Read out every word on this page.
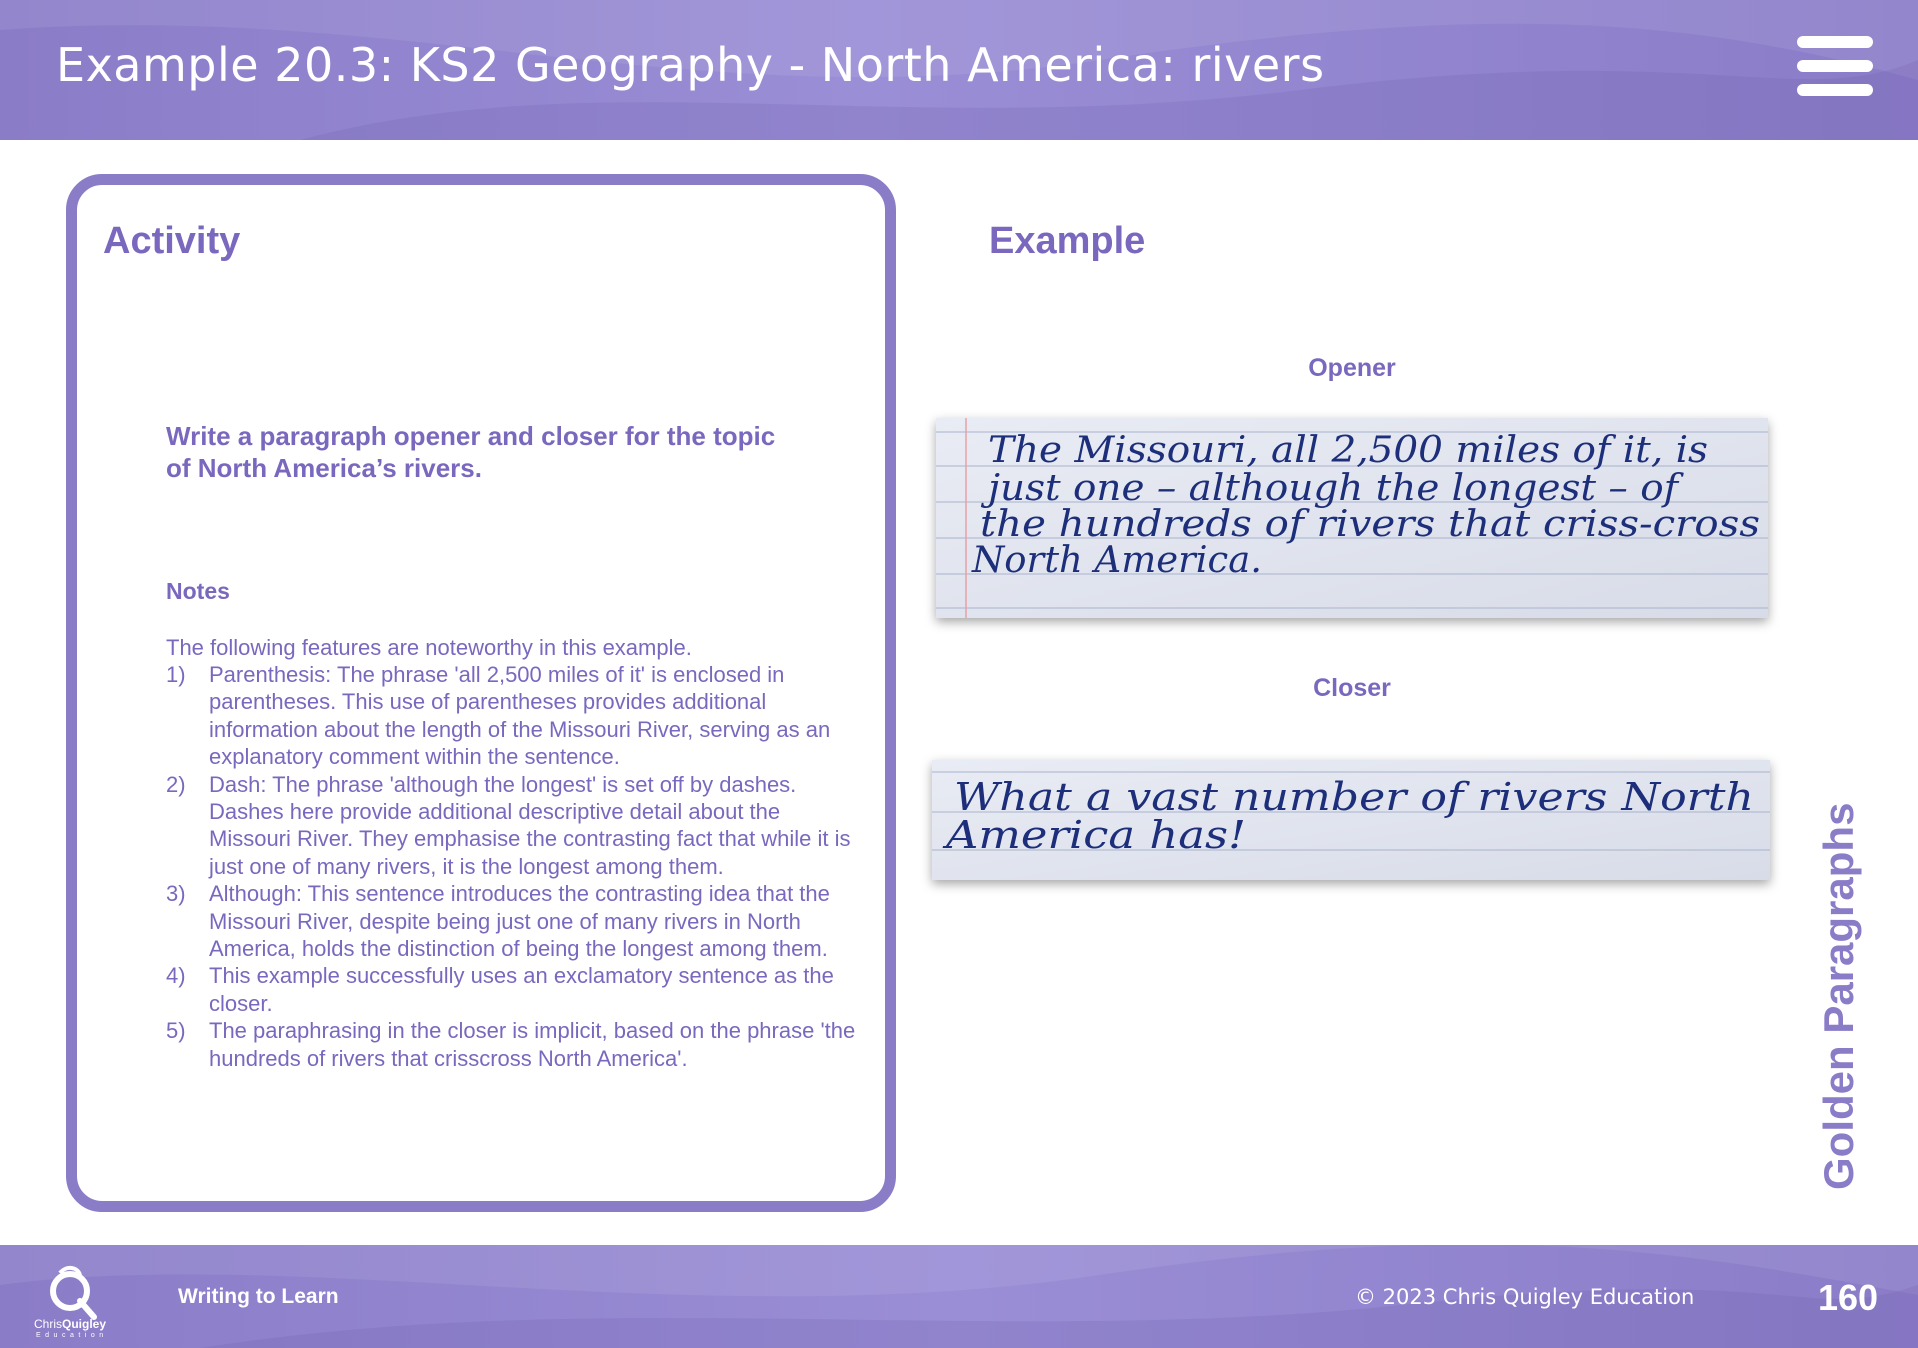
Example 20.3: KS2 Geography - North America: rivers
Activity
Write a paragraph opener and closer for the topic of North America’s rivers.
Notes
The following features are noteworthy in this example.
1) Parenthesis: The phrase 'all 2,500 miles of it' is enclosed in parentheses. This use of parentheses provides additional information about the length of the Missouri River, serving as an explanatory comment within the sentence.
2) Dash: The phrase 'although the longest' is set off by dashes. Dashes here provide additional descriptive detail about the Missouri River. They emphasise the contrasting fact that while it is just one of many rivers, it is the longest among them.
3) Although: This sentence introduces the contrasting idea that the Missouri River, despite being just one of many rivers in North America, holds the distinction of being the longest among them.
4) This example successfully uses an exclamatory sentence as the closer.
5) The paraphrasing in the closer is implicit, based on the phrase 'the hundreds of rivers that crisscross North America'.
Example
Opener
The Missouri, all 2,500 miles of it, is
just one – although the longest – of
the hundreds of rivers that criss-cross
North America.
Closer
What a vast number of rivers North
America has!	Golden Paragraphs
ChrisQuigley
Education
Writing to Learn	© 2023 Chris Quigley Education	160
